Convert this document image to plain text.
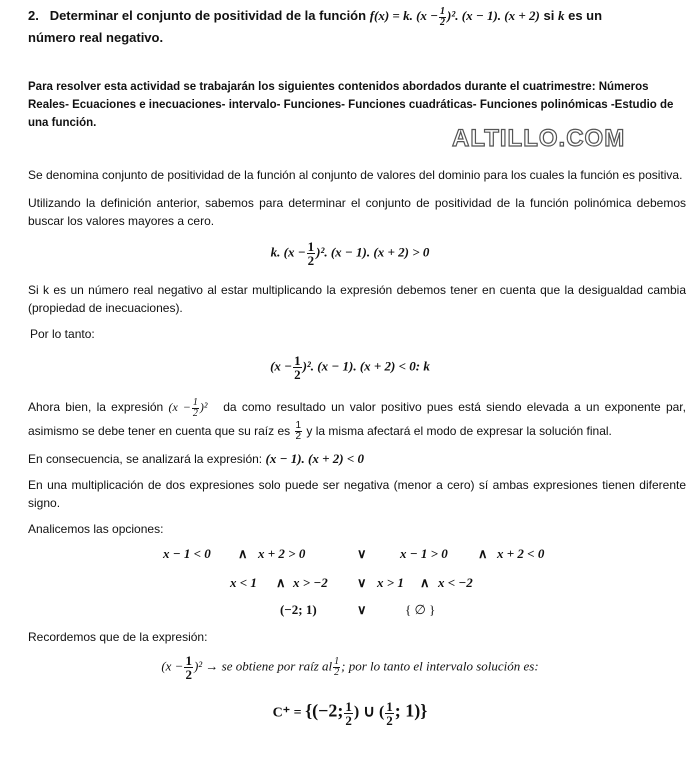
2. Determinar el conjunto de positividad de la función f(x) = k. $(x - \frac{1}{2} )^2$. (x − 1). (x + 2) si k es un
número real negativo.
Para resolver esta actividad se trabajarán los siguientes contenidos abordados durante el cuatrimestre: Números Reales- Ecuaciones e inecuaciones- intervalo- Funciones- Funciones cuadráticas- Funciones polinómicas -Estudio de una función.
ALTILLO.COM
Se denomina conjunto de positividad de la función al conjunto de valores del dominio para los cuales la función es positiva.
Utilizando la definición anterior, sabemos para determinar el conjunto de positividad de la función polinómica debemos buscar los valores mayores a cero.
k. $(x - \frac{1}{2} )^2$. (x − 1). (x + 2) > 0
Si k es un número real negativo al estar multiplicando la expresión debemos tener en cuenta que la desigualdad cambia (propiedad de inecuaciones).
Por lo tanto:
$(x - \frac{1}{2} )^2$. (x − 1). (x + 2) < 0: k
Ahora bien, la expresión $(x - \frac{1}{2} )^2$ da como resultado un valor positivo pues está siendo elevada a un exponente par, asimismo se debe tener en cuenta que su raíz es $\frac{1}{2}$ y la misma afectará el modo de expresar la solución final.
En consecuencia, se analizará la expresión: (x − 1). (x + 2) < 0
En una multiplicación de dos expresiones solo puede ser negativa (menor a cero) sí ambas expresiones tienen diferente signo.
Analicemos las opciones:
x − 1 < 0 ∧ x + 2 > 0	∨	x − 1 > 0 ∧ x + 2 < 0
x < 1 ∧ x > −2 ∨ x > 1 ∧ x < −2
(−2; 1)	∨	{ ∅ }
Recordemos que de la expresión:
$(x - \frac{1}{2} )^2$ → se obtiene por raíz al $\frac{1}{2}$ ; por lo tanto el intervalo solución es:
C⁺ = {(−2; $\frac{1}{2}$ ) ∪ ( $\frac{1}{2}$ ; 1)}
